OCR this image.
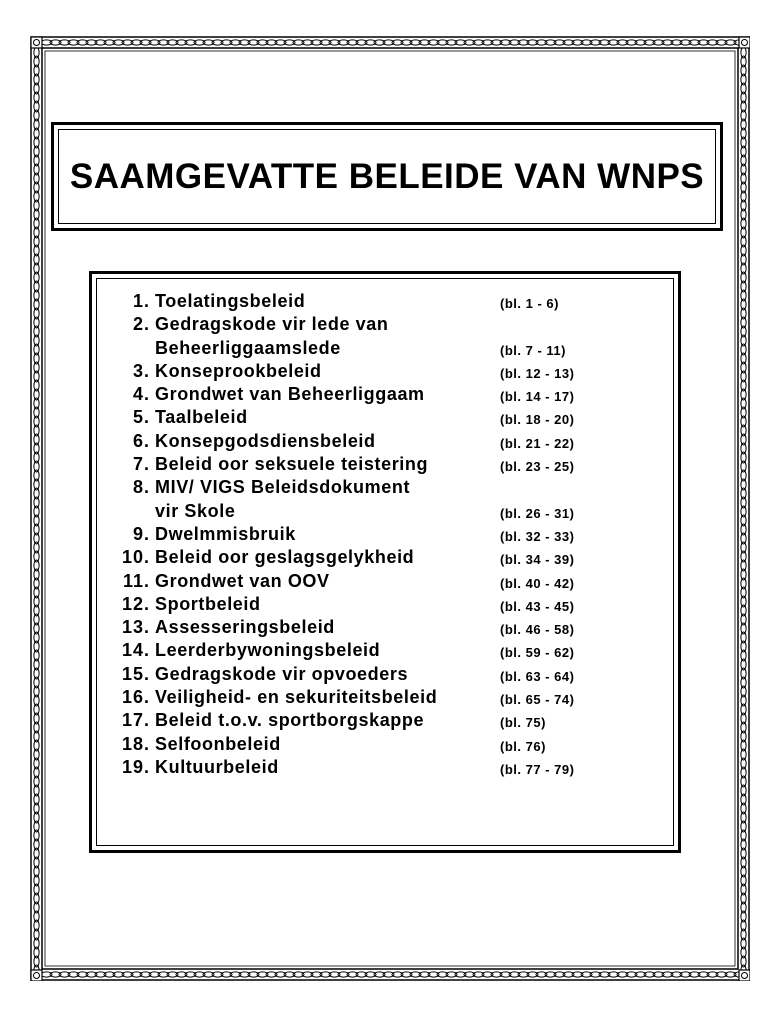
SAAMGEVATTE BELEIDE VAN WNPS
1. Toelatingsbeleid	(bl. 1 - 6)
2. Gedragskode vir lede van
Beheerliggaamslede	(bl. 7 - 11)
3. Konseprookbeleid	(bl. 12 - 13)
4. Grondwet van Beheerliggaam	(bl. 14 - 17)
5. Taalbeleid	(bl. 18 - 20)
6. Konsepgodsdiensbeleid	(bl. 21 - 22)
7. Beleid oor seksuele teistering	(bl. 23 - 25)
8. MIV/ VIGS Beleidsdokument
vir Skole	(bl. 26 - 31)
9. Dwelmmisbruik	(bl. 32 - 33)
10. Beleid oor geslagsgelykheid	(bl. 34 - 39)
11. Grondwet van OOV	(bl. 40 - 42)
12. Sportbeleid	(bl. 43 - 45)
13. Assesseringsbeleid	(bl. 46 - 58)
14. Leerderbywoningsbeleid	(bl. 59 - 62)
15. Gedragskode vir opvoeders	(bl. 63 - 64)
16. Veiligheid- en sekuriteitsbeleid	(bl. 65 - 74)
17. Beleid t.o.v. sportborgskappe	(bl. 75)
18. Selfoonbeleid	(bl. 76)
19. Kultuurbeleid	(bl. 77 - 79)
